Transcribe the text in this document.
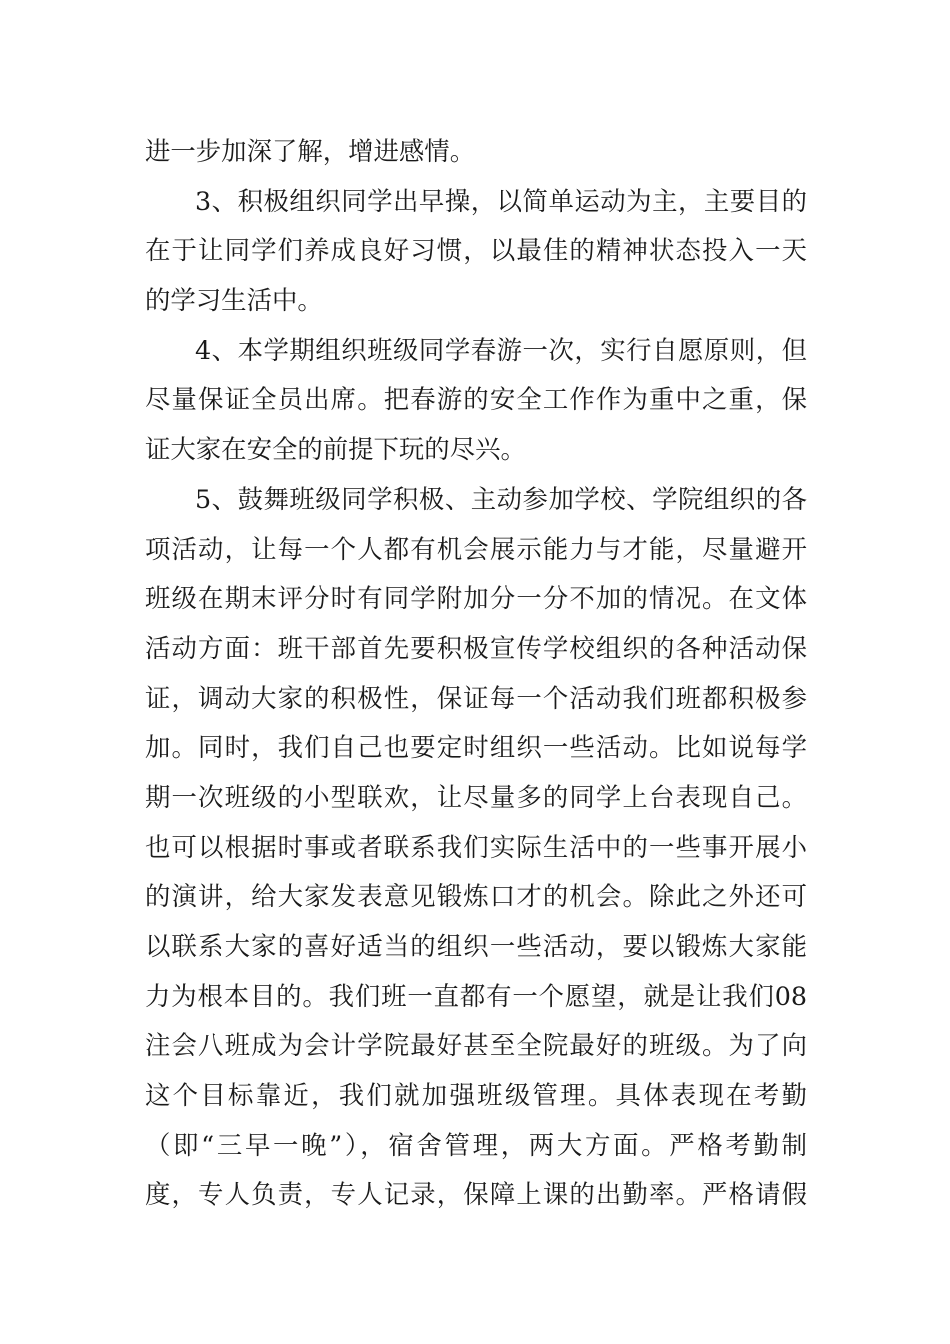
进一步加深了解，增进感情。
3、积极组织同学出早操，以简单运动为主，主要目的
在于让同学们养成良好习惯，以最佳的精神状态投入一天
的学习生活中。
4、本学期组织班级同学春游一次，实行自愿原则，但
尽量保证全员出席。把春游的安全工作作为重中之重，保
证大家在安全的前提下玩的尽兴。
5、鼓舞班级同学积极、主动参加学校、学院组织的各
项活动，让每一个人都有机会展示能力与才能，尽量避开
班级在期末评分时有同学附加分一分不加的情况。在文体
活动方面：班干部首先要积极宣传学校组织的各种活动保
证，调动大家的积极性，保证每一个活动我们班都积极参
加。同时，我们自己也要定时组织一些活动。比如说每学
期一次班级的小型联欢，让尽量多的同学上台表现自己。
也可以根据时事或者联系我们实际生活中的一些事开展小
的演讲，给大家发表意见锻炼口才的机会。除此之外还可
以联系大家的喜好适当的组织一些活动，要以锻炼大家能
力为根本目的。我们班一直都有一个愿望，就是让我们08
注会八班成为会计学院最好甚至全院最好的班级。为了向
这个目标靠近，我们就加强班级管理。具体表现在考勤
（即“三早一晚”），宿舍管理，两大方面。严格考勤制
度，专人负责，专人记录，保障上课的出勤率。严格请假
